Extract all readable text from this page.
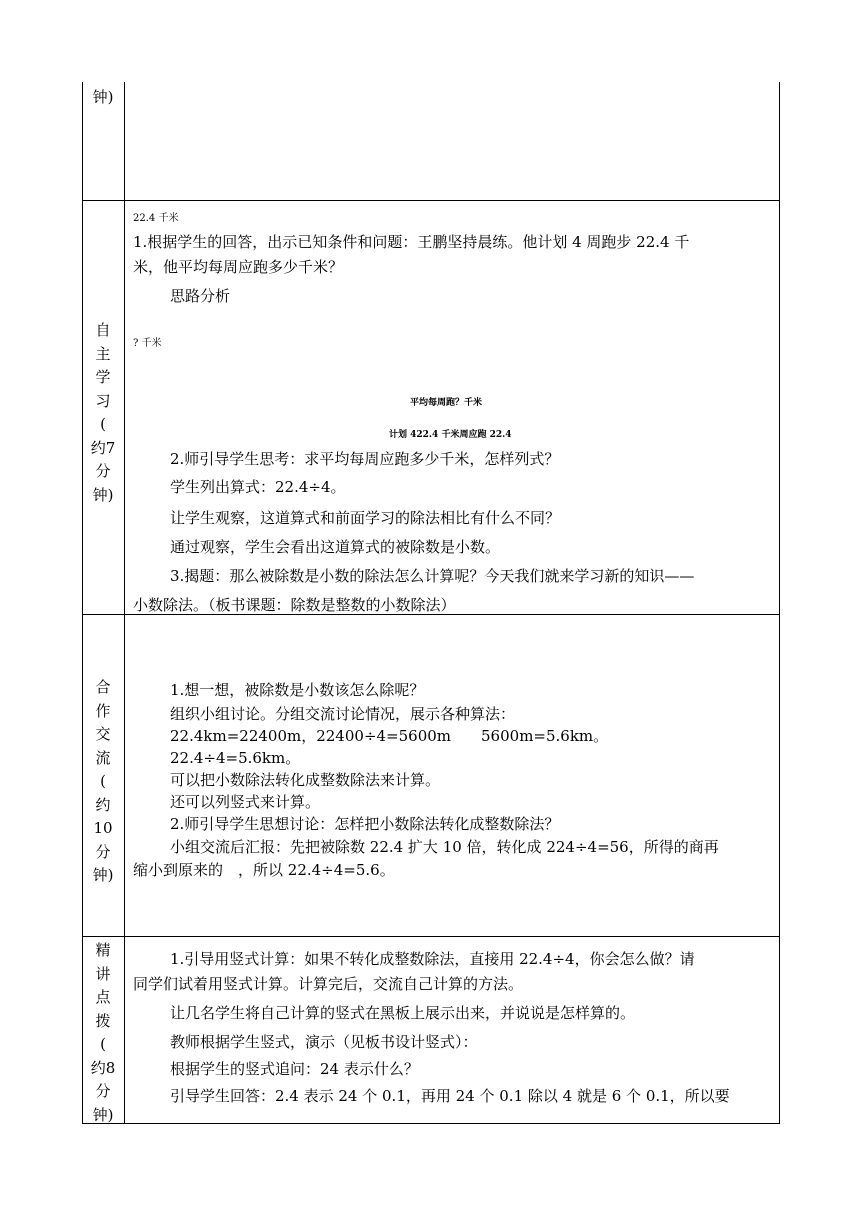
钟)
自
主
学
习
(
约7
分
钟)
22.4 千米
1.根据学生的回答，出示已知条件和问题：王鹏坚持晨练。他计划 4 周跑步 22.4 千
米，他平均每周应跑多少千米？
思路分析
? 千米
平均每周跑？千米
计划 422.4 千米周应跑 22.4
2.师引导学生思考：求平均每周应跑多少千米，怎样列式？
学生列出算式：22.4÷4。
让学生观察，这道算式和前面学习的除法相比有什么不同？
通过观察，学生会看出这道算式的被除数是小数。
3.揭题：那么被除数是小数的除法怎么计算呢？今天我们就来学习新的知识——
小数除法。（板书课题：除数是整数的小数除法）
合
作
交
流
(
约
10
分
钟)
1.想一想，被除数是小数该怎么除呢？
组织小组讨论。分组交流讨论情况，展示各种算法：
22.4km=22400m，22400÷4=5600m　　5600m=5.6km。
22.4÷4=5.6km。
可以把小数除法转化成整数除法来计算。
还可以列竖式来计算。
2.师引导学生思想讨论：怎样把小数除法转化成整数除法？
小组交流后汇报：先把被除数 22.4 扩大 10 倍，转化成 224÷4=56，所得的商再
缩小到原来的　，所以 22.4÷4=5.6。
精
讲
点
拨
(
约8
分
钟)
1.引导用竖式计算：如果不转化成整数除法，直接用 22.4÷4，你会怎么做？请
同学们试着用竖式计算。计算完后，交流自己计算的方法。
让几名学生将自己计算的竖式在黑板上展示出来，并说说是怎样算的。
教师根据学生竖式，演示（见板书设计竖式）：
根据学生的竖式追问：24 表示什么？
引导学生回答：2.4 表示 24 个 0.1，再用 24 个 0.1 除以 4 就是 6 个 0.1，所以要
